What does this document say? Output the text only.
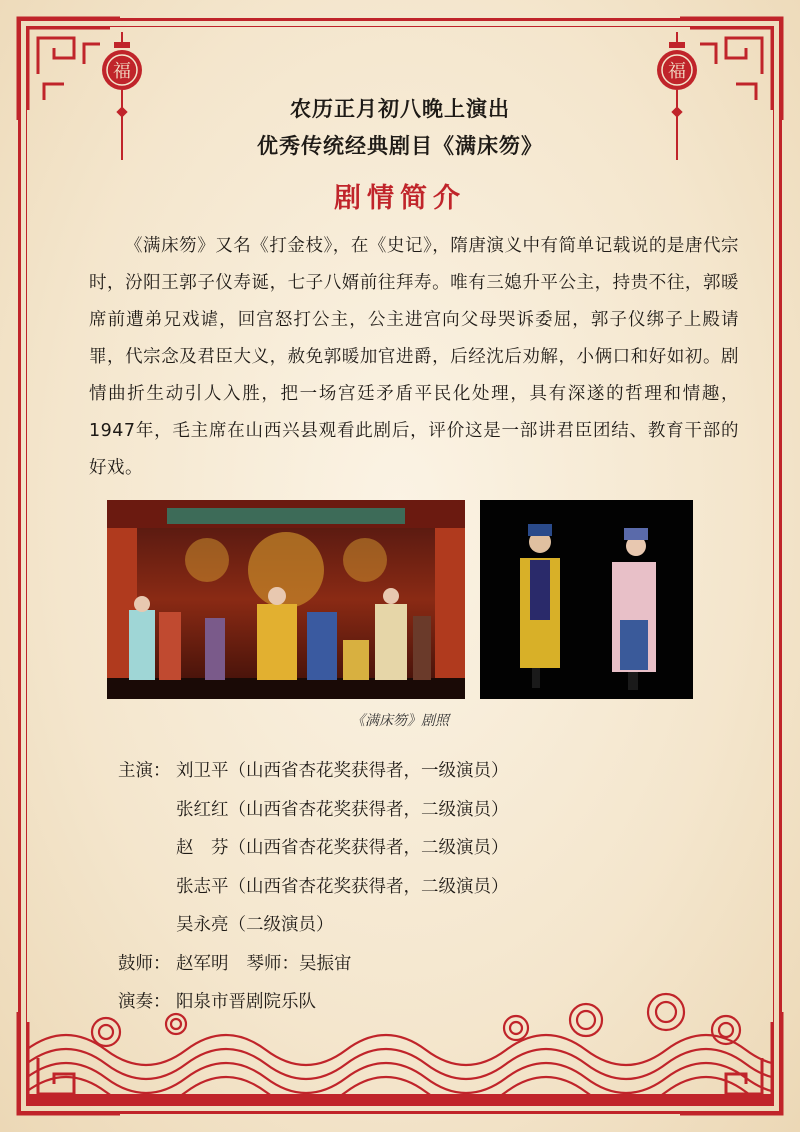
福	福
农历正月初八晚上演出
优秀传统经典剧目《满床笏》
剧情简介

《满床笏》又名《打金枝》，在《史记》，隋唐演义中有简单记载说的是唐代宗时，汾阳王郭子仪寿诞，七子八婿前往拜寿。唯有三媳升平公主，持贵不往，郭暖席前遭弟兄戏谑，回宫怒打公主，公主进宫向父母哭诉委屈，郭子仪绑子上殿请罪，代宗念及君臣大义，赦免郭暖加官进爵，后经沈后劝解，小俩口和好如初。剧情曲折生动引人入胜，把一场宫廷矛盾平民化处理，具有深遂的哲理和情趣，1947年，毛主席在山西兴县观看此剧后，评价这是一部讲君臣团结、教育干部的好戏。

《满床笏》剧照
主演： 刘卫平（山西省杏花奖获得者，一级演员）
张红红（山西省杏花奖获得者，二级演员）
赵　芬（山西省杏花奖获得者，二级演员）
张志平（山西省杏花奖获得者，二级演员）
吴永亮（二级演员）
鼓师： 赵军明 琴师：吴振宙
演奏： 阳泉市晋剧院乐队
